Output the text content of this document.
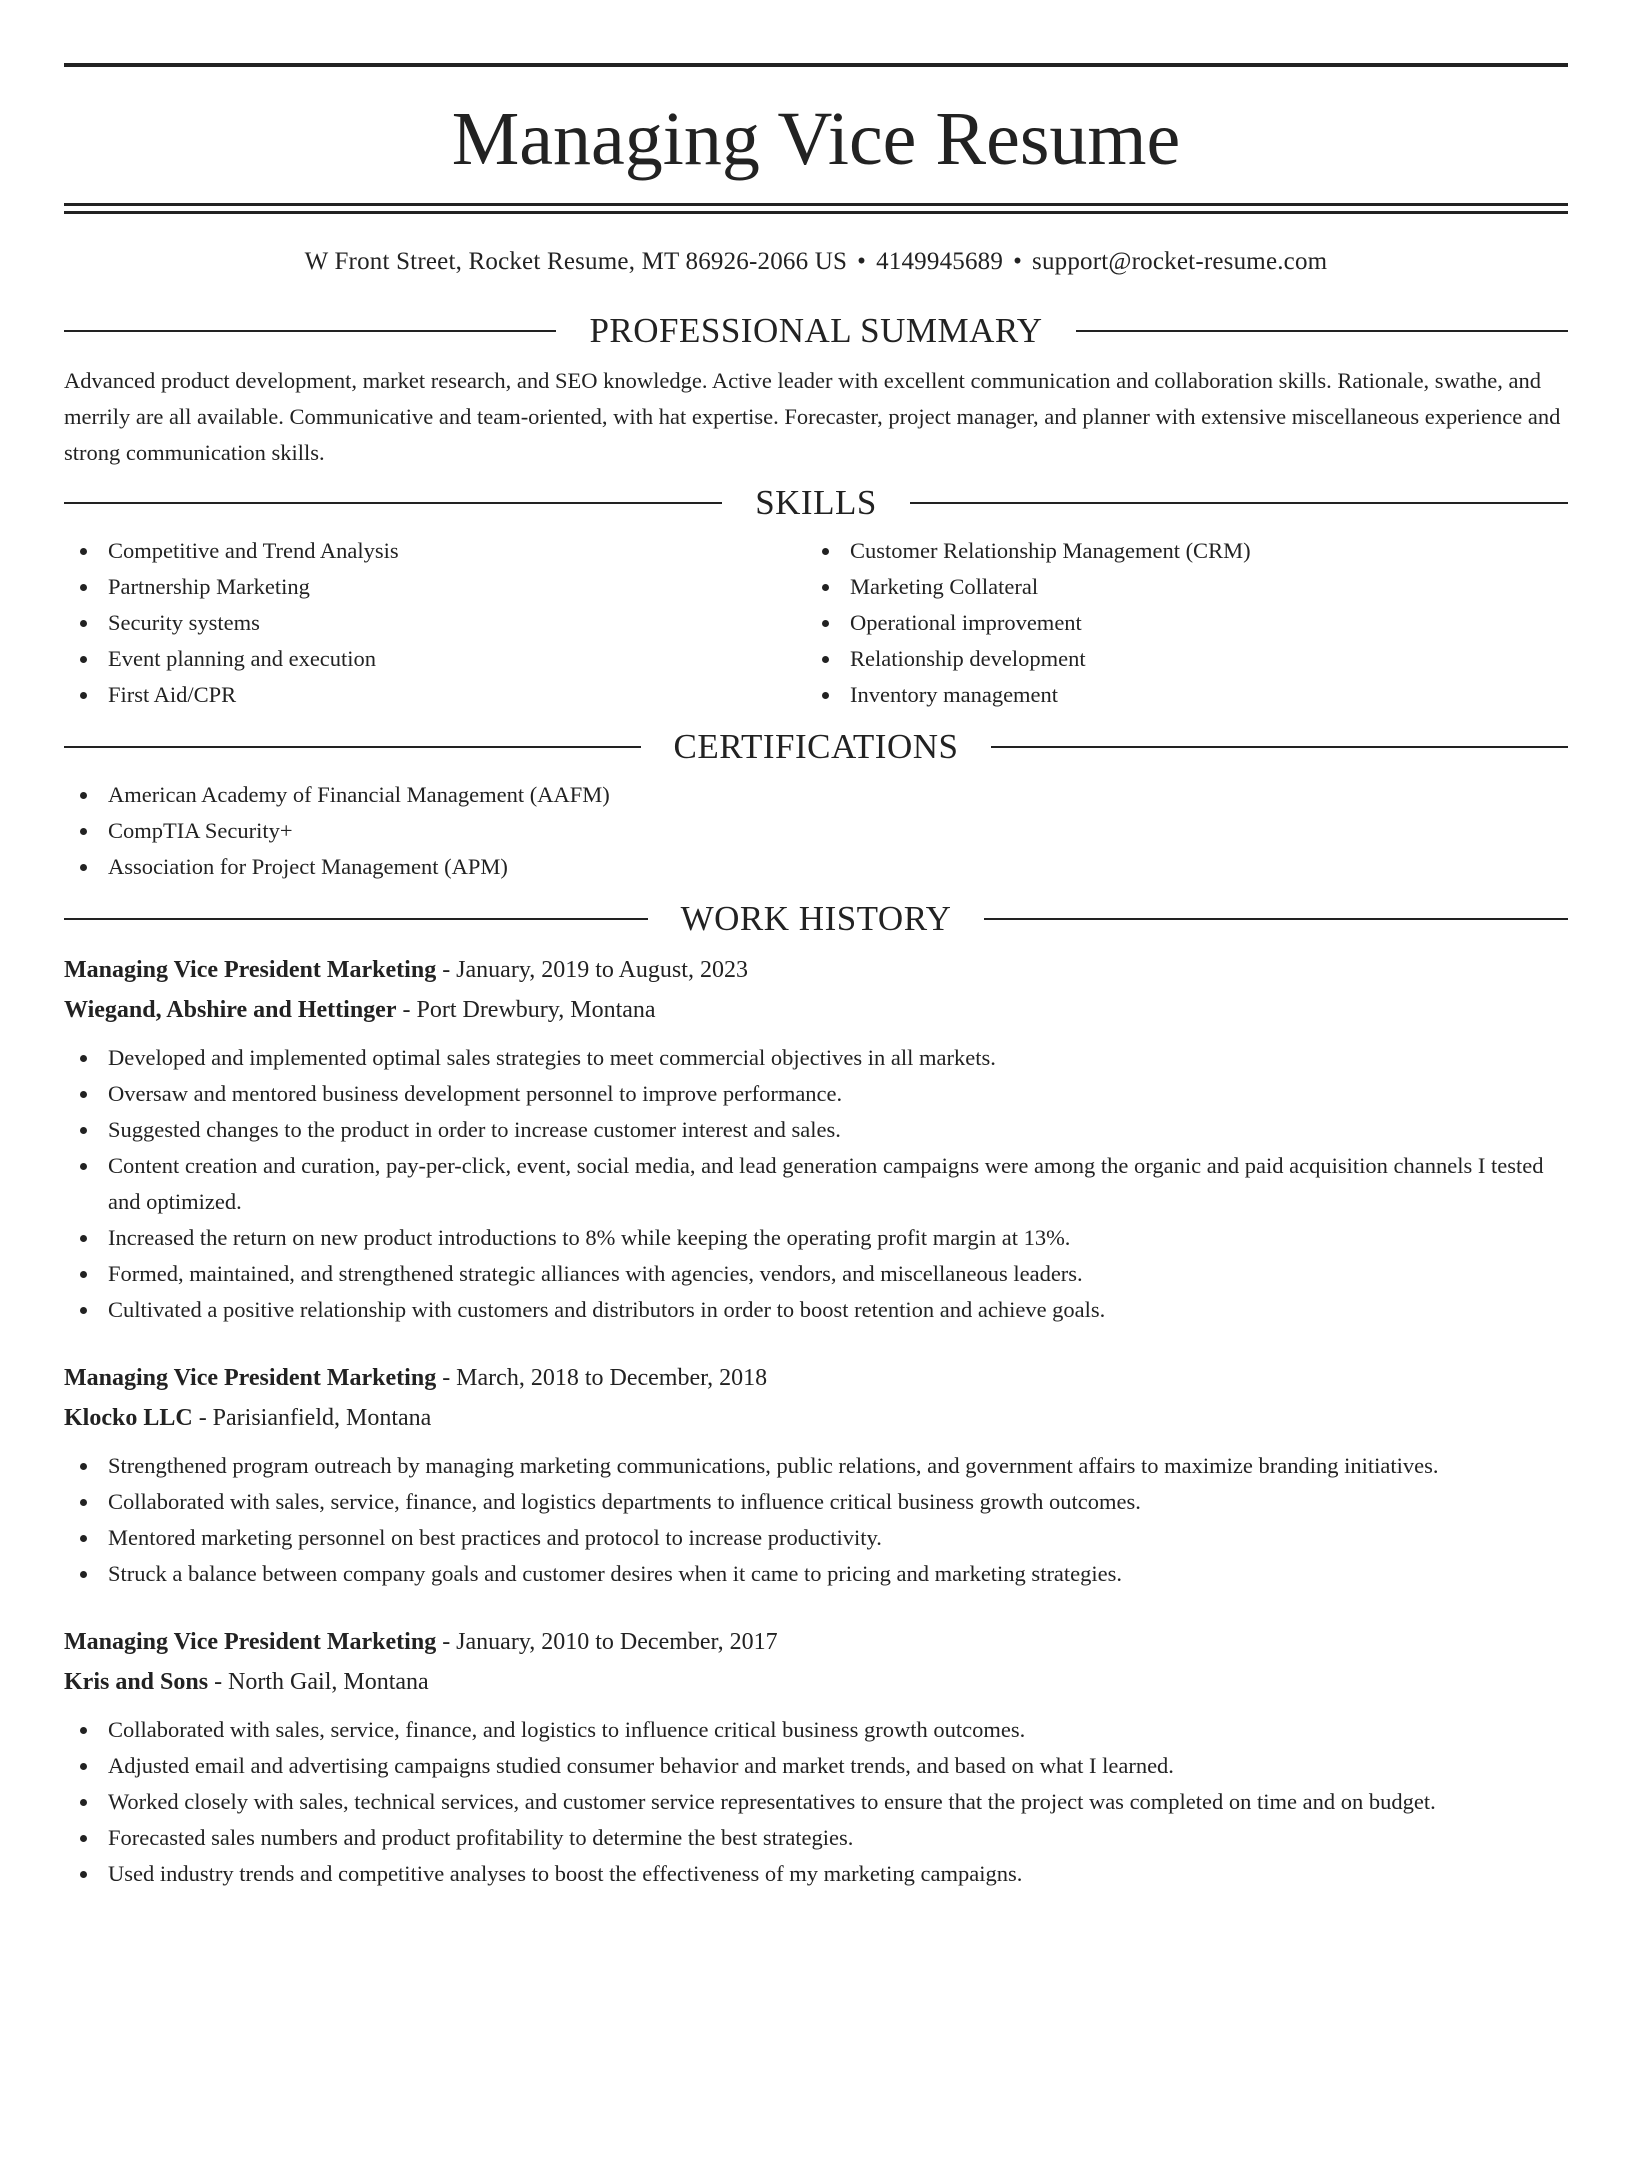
Managing Vice Resume
W Front Street, Rocket Resume, MT 86926-2066 US • 4149945689 • support@rocket-resume.com
PROFESSIONAL SUMMARY
Advanced product development, market research, and SEO knowledge. Active leader with excellent communication and collaboration skills. Rationale, swathe, and merrily are all available. Communicative and team-oriented, with hat expertise. Forecaster, project manager, and planner with extensive miscellaneous experience and strong communication skills.
SKILLS
Competitive and Trend Analysis
Partnership Marketing
Security systems
Event planning and execution
First Aid/CPR
Customer Relationship Management (CRM)
Marketing Collateral
Operational improvement
Relationship development
Inventory management
CERTIFICATIONS
American Academy of Financial Management (AAFM)
CompTIA Security+
Association for Project Management (APM)
WORK HISTORY
Managing Vice President Marketing - January, 2019 to August, 2023
Wiegand, Abshire and Hettinger - Port Drewbury, Montana
Developed and implemented optimal sales strategies to meet commercial objectives in all markets.
Oversaw and mentored business development personnel to improve performance.
Suggested changes to the product in order to increase customer interest and sales.
Content creation and curation, pay-per-click, event, social media, and lead generation campaigns were among the organic and paid acquisition channels I tested and optimized.
Increased the return on new product introductions to 8% while keeping the operating profit margin at 13%.
Formed, maintained, and strengthened strategic alliances with agencies, vendors, and miscellaneous leaders.
Cultivated a positive relationship with customers and distributors in order to boost retention and achieve goals.
Managing Vice President Marketing - March, 2018 to December, 2018
Klocko LLC - Parisianfield, Montana
Strengthened program outreach by managing marketing communications, public relations, and government affairs to maximize branding initiatives.
Collaborated with sales, service, finance, and logistics departments to influence critical business growth outcomes.
Mentored marketing personnel on best practices and protocol to increase productivity.
Struck a balance between company goals and customer desires when it came to pricing and marketing strategies.
Managing Vice President Marketing - January, 2010 to December, 2017
Kris and Sons - North Gail, Montana
Collaborated with sales, service, finance, and logistics to influence critical business growth outcomes.
Adjusted email and advertising campaigns studied consumer behavior and market trends, and based on what I learned.
Worked closely with sales, technical services, and customer service representatives to ensure that the project was completed on time and on budget.
Forecasted sales numbers and product profitability to determine the best strategies.
Used industry trends and competitive analyses to boost the effectiveness of my marketing campaigns.
